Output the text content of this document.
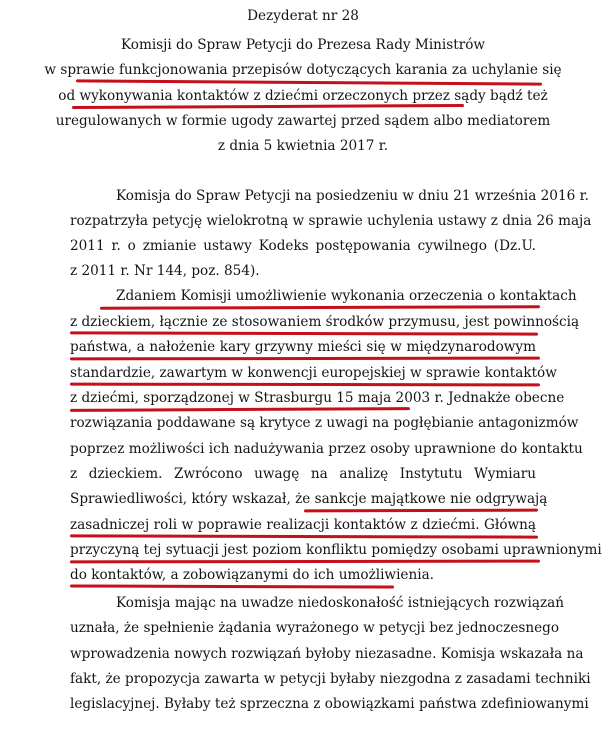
Dezyderat nr 28
Komisji do Spraw Petycji do Prezesa Rady Ministrów
w sprawie funkcjonowania przepisów dotyczących karania za uchylanie się
od wykonywania kontaktów z dziećmi orzeczonych przez sądy bądź też
uregulowanych w formie ugody zawartej przed sądem albo mediatorem
z dnia 5 kwietnia 2017 r.
Komisja do Spraw Petycji na posiedzeniu w dniu 21 września 2016 r.
rozpatrzyła petycję wielokrotną w sprawie uchylenia ustawy z dnia 26 maja
2011 r. o zmianie ustawy Kodeks postępowania cywilnego (Dz.U.
z 2011 r. Nr 144, poz. 854).
Zdaniem Komisji umożliwienie wykonania orzeczenia o kontaktach
z dzieckiem, łącznie ze stosowaniem środków przymusu, jest powinnością
państwa, a nałożenie kary grzywny mieści się w międzynarodowym
standardzie, zawartym w konwencji europejskiej w sprawie kontaktów
z dziećmi, sporządzonej w Strasburgu 15 maja 2003 r. Jednakże obecne
rozwiązania poddawane są krytyce z uwagi na pogłębianie antagonizmów
poprzez możliwości ich nadużywania przez osoby uprawnione do kontaktu
z dzieckiem. Zwrócono uwagę na analizę Instytutu Wymiaru
Sprawiedliwości, który wskazał, że sankcje majątkowe nie odgrywają
zasadniczej roli w poprawie realizacji kontaktów z dziećmi. Główną
przyczyną tej sytuacji jest poziom konfliktu pomiędzy osobami uprawnionymi
do kontaktów, a zobowiązanymi do ich umożliwienia.
Komisja mając na uwadze niedoskonałość istniejących rozwiązań
uznała, że spełnienie żądania wyrażonego w petycji bez jednoczesnego
wprowadzenia nowych rozwiązań byłoby niezasadne. Komisja wskazała na
fakt, że propozycja zawarta w petycji byłaby niezgodna z zasadami techniki
legislacyjnej. Byłaby też sprzeczna z obowiązkami państwa zdefiniowanymi
